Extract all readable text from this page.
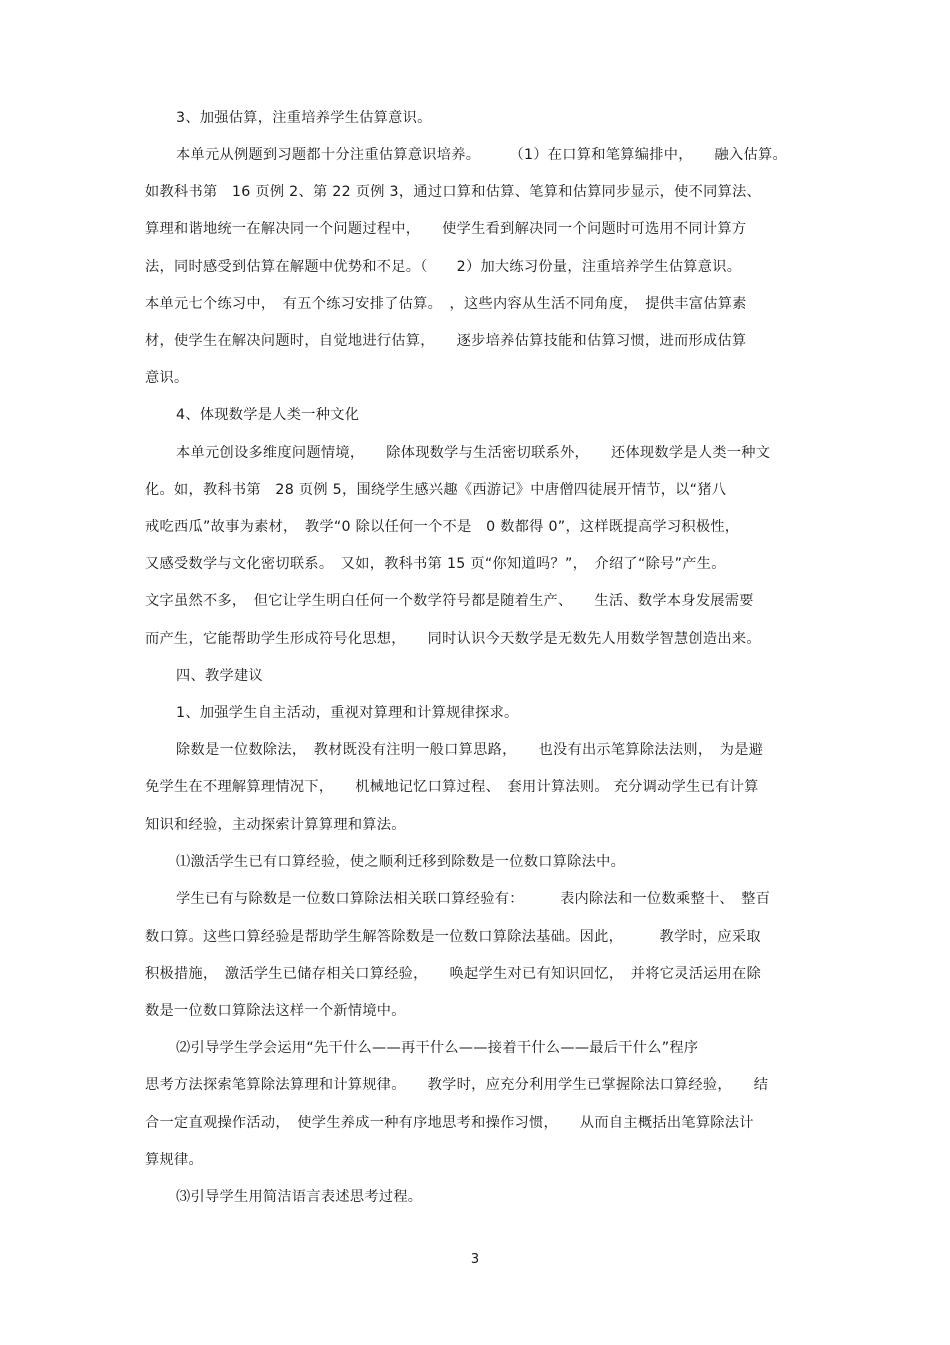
3、加强估算，注重培养学生估算意识。
本单元从例题到习题都十分注重估算意识培养。　　　（1）在口算和笔算编排中，　　融入估算。
如教科书第　16 页例 2、第 22 页例 3，通过口算和估算、笔算和估算同步显示，使不同算法、
算理和谐地统一在解决同一个问题过程中，　　使学生看到解决同一个问题时可选用不同计算方
法，同时感受到估算在解题中优势和不足。（　　2）加大练习份量，注重培养学生估算意识。
本单元七个练习中，　有五个练习安排了估算。　，这些内容从生活不同角度，　提供丰富估算素
材，使学生在解决问题时，自觉地进行估算，　　逐步培养估算技能和估算习惯，进而形成估算
意识。
4、体现数学是人类一种文化
本单元创设多维度问题情境，　　除体现数学与生活密切联系外，　　还体现数学是人类一种文
化。如，教科书第　28 页例 5，围绕学生感兴趣《西游记》中唐僧四徒展开情节，以“猪八
戒吃西瓜”故事为素材，　教学“0 除以任何一个不是　0 数都得 0”，这样既提高学习积极性，
又感受数学与文化密切联系。　又如，教科书第 15 页“你知道吗？”，　介绍了“除号”产生。
文字虽然不多，　但它让学生明白任何一个数学符号都是随着生产、　　生活、数学本身发展需要
而产生，它能帮助学生形成符号化思想，　　同时认识今天数学是无数先人用数学智慧创造出来。
四、教学建议
1、加强学生自主活动，重视对算理和计算规律探求。
除数是一位数除法，　教材既没有注明一般口算思路，　　也没有出示笔算除法法则，　为是避
免学生在不理解算理情况下，　　机械地记忆口算过程、　套用计算法则。 充分调动学生已有计算
知识和经验，主动探索计算算理和算法。
⑴激活学生已有口算经验，使之顺利迁移到除数是一位数口算除法中。
学生已有与除数是一位数口算除法相关联口算经验有：　　　表内除法和一位数乘整十、　整百
数口算。这些口算经验是帮助学生解答除数是一位数口算除法基础。因此，　　　教学时，应采取
积极措施，　激活学生已储存相关口算经验，　　唤起学生对已有知识回忆，　并将它灵活运用在除
数是一位数口算除法这样一个新情境中。
⑵引导学生学会运用“先干什么——再干什么——接着干什么——最后干什么”程序
思考方法探索笔算除法算理和计算规律。　　教学时，应充分利用学生已掌握除法口算经验，　　结
合一定直观操作活动，　使学生养成一种有序地思考和操作习惯，　　从而自主概括出笔算除法计
算规律。
⑶引导学生用简洁语言表述思考过程。
3
